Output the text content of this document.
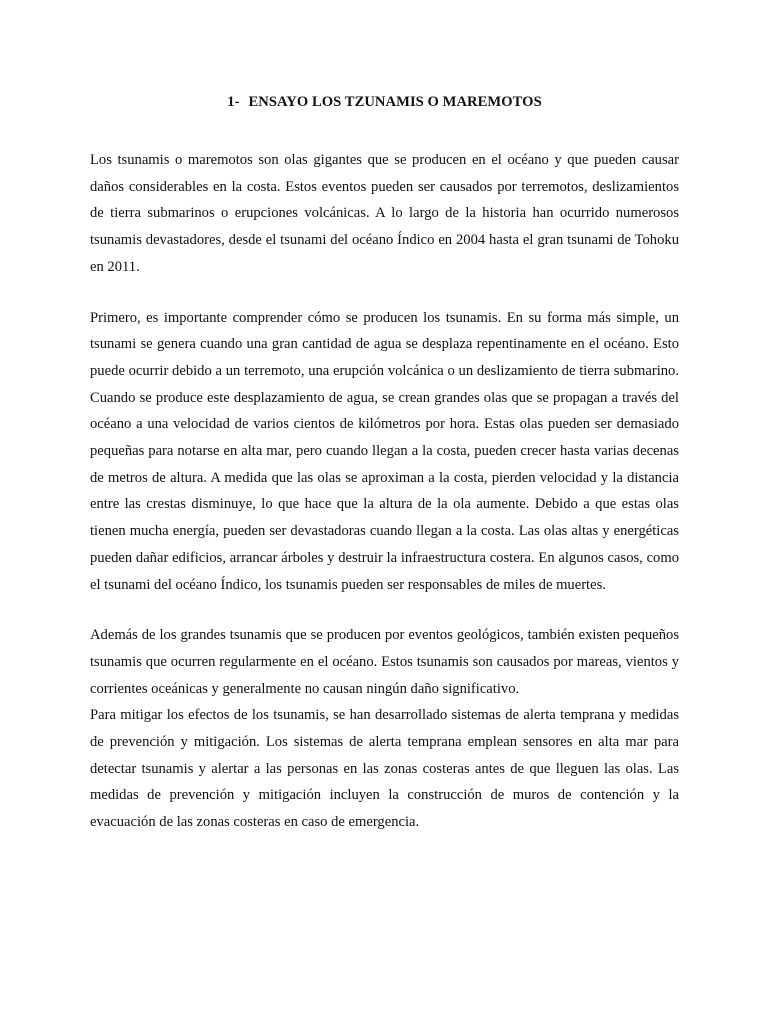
1- ENSAYO LOS TZUNAMIS O MAREMOTOS

Los tsunamis o maremotos son olas gigantes que se producen en el océano y que pueden causar daños considerables en la costa. Estos eventos pueden ser causados por terremotos, deslizamientos de tierra submarinos o erupciones volcánicas. A lo largo de la historia han ocurrido numerosos tsunamis devastadores, desde el tsunami del océano Índico en 2004 hasta el gran tsunami de Tohoku en 2011.

Primero, es importante comprender cómo se producen los tsunamis. En su forma más simple, un tsunami se genera cuando una gran cantidad de agua se desplaza repentinamente en el océano. Esto puede ocurrir debido a un terremoto, una erupción volcánica o un deslizamiento de tierra submarino. Cuando se produce este desplazamiento de agua, se crean grandes olas que se propagan a través del océano a una velocidad de varios cientos de kilómetros por hora. Estas olas pueden ser demasiado pequeñas para notarse en alta mar, pero cuando llegan a la costa, pueden crecer hasta varias decenas de metros de altura. A medida que las olas se aproximan a la costa, pierden velocidad y la distancia entre las crestas disminuye, lo que hace que la altura de la ola aumente. Debido a que estas olas tienen mucha energía, pueden ser devastadoras cuando llegan a la costa. Las olas altas y energéticas pueden dañar edificios, arrancar árboles y destruir la infraestructura costera. En algunos casos, como el tsunami del océano Índico, los tsunamis pueden ser responsables de miles de muertes.

Además de los grandes tsunamis que se producen por eventos geológicos, también existen pequeños tsunamis que ocurren regularmente en el océano. Estos tsunamis son causados por mareas, vientos y corrientes oceánicas y generalmente no causan ningún daño significativo.

Para mitigar los efectos de los tsunamis, se han desarrollado sistemas de alerta temprana y medidas de prevención y mitigación. Los sistemas de alerta temprana emplean sensores en alta mar para detectar tsunamis y alertar a las personas en las zonas costeras antes de que lleguen las olas. Las medidas de prevención y mitigación incluyen la construcción de muros de contención y la evacuación de las zonas costeras en caso de emergencia.
